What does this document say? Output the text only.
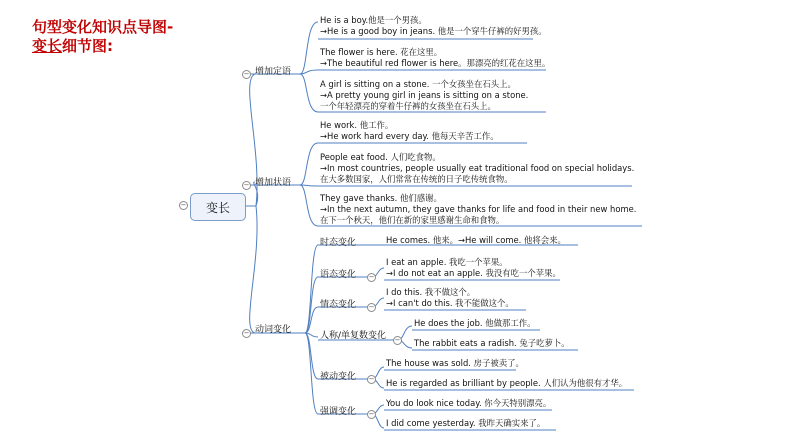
句型变化知识点导图-
变长细节图:
变长
−
增加定语
−
He is a boy.他是一个男孩。
→He is a good boy in jeans. 他是一个穿牛仔裤的好男孩。
The flower is here. 花在这里。
→The beautiful red flower is here。那漂亮的红花在这里。
A girl is sitting on a stone. 一个女孩坐在石头上。
→A pretty young girl in jeans is sitting on a stone.
一个年轻漂亮的穿着牛仔裤的女孩坐在石头上。
增加状语
−
He work. 他工作。
→He work hard every day. 他每天辛苦工作。
People eat food. 人们吃食物。
→In most countries, people usually eat traditional food on special holidays.
在大多数国家，人们常常在传统的日子吃传统食物。
They gave thanks. 他们感谢。
→In the next autumn, they gave thanks for life and food in their new home.
在下一个秋天，他们在新的家里感谢生命和食物。
动词变化
−
时态变化	He comes. 他来。→He will come. 他将会来。
语态变化 −
I eat an apple. 我吃一个苹果。
→I do not eat an apple. 我没有吃一个苹果。
情态变化 −
I do this. 我不做这个。
→I can't do this. 我不能做这个。
人称/单复数变化 −
He does the job. 他做那工作。
The rabbit eats a radish. 兔子吃萝卜。
被动变化 −
The house was sold. 房子被卖了。
He is regarded as brilliant by people. 人们认为他很有才华。
强调变化 −
You do look nice today. 你今天特别漂亮。
I did come yesterday. 我昨天确实来了。
